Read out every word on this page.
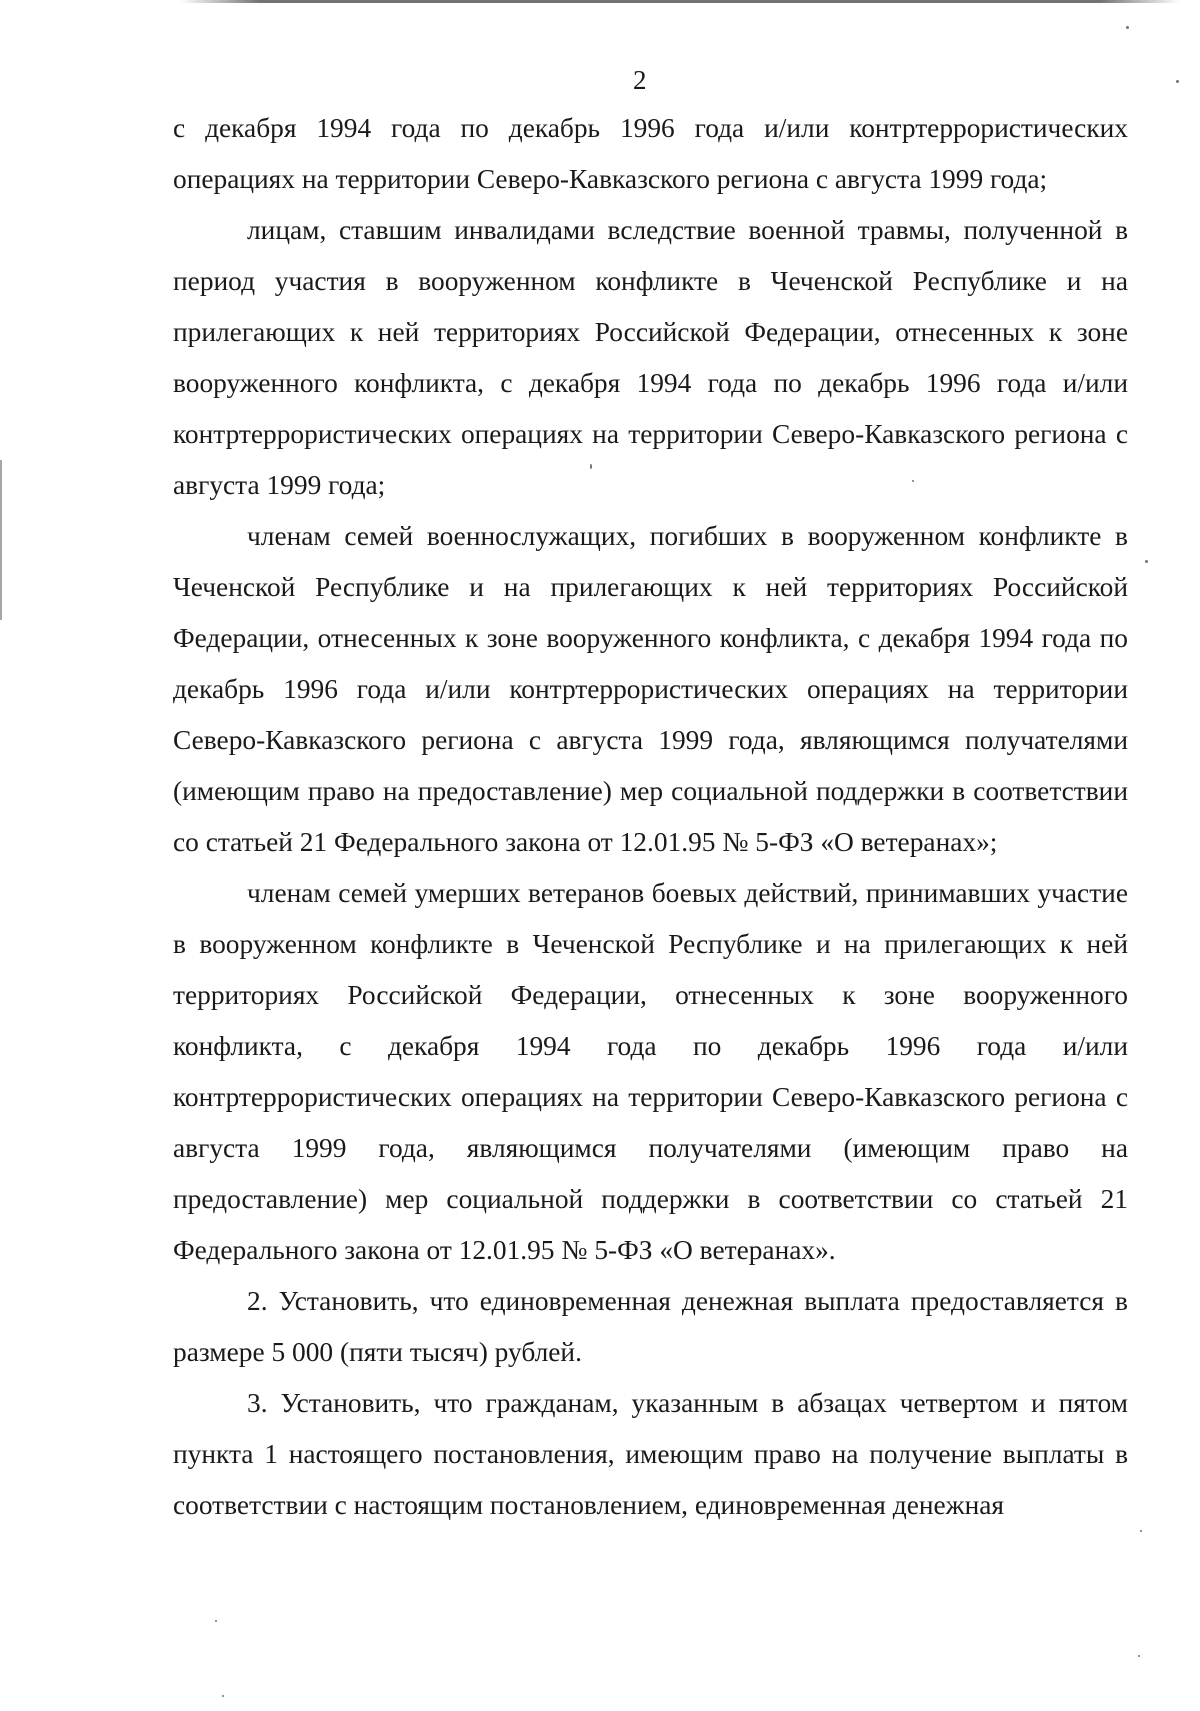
2

с декабря 1994 года по декабрь 1996 года и/или контртеррористических операциях на территории Северо-Кавказского региона с августа 1999 года;

лицам, ставшим инвалидами вследствие военной травмы, полученной в период участия в вооруженном конфликте в Чеченской Республике и на прилегающих к ней территориях Российской Федерации, отнесенных к зоне вооруженного конфликта, с декабря 1994 года по декабрь 1996 года и/или контртеррористических операциях на территории Северо-Кавказского региона с августа 1999 года;

членам семей военнослужащих, погибших в вооруженном конфликте в Чеченской Республике и на прилегающих к ней территориях Российской Федерации, отнесенных к зоне вооруженного конфликта, с декабря 1994 года по декабрь 1996 года и/или контртеррористических операциях на территории Северо-Кавказского региона с августа 1999 года, являющимся получателями (имеющим право на предоставление) мер социальной поддержки в соответствии со статьей 21 Федерального закона от 12.01.95 № 5-ФЗ «О ветеранах»;

членам семей умерших ветеранов боевых действий, принимавших участие в вооруженном конфликте в Чеченской Республике и на прилегающих к ней территориях Российской Федерации, отнесенных к зоне вооруженного конфликта, с декабря 1994 года по декабрь 1996 года и/или контртеррористических операциях на территории Северо-Кавказского региона с августа 1999 года, являющимся получателями (имеющим право на предоставление) мер социальной поддержки в соответствии со статьей 21 Федерального закона от 12.01.95 № 5-ФЗ «О ветеранах».

2. Установить, что единовременная денежная выплата предоставляется в размере 5 000 (пяти тысяч) рублей.

3. Установить, что гражданам, указанным в абзацах четвертом и пятом пункта 1 настоящего постановления, имеющим право на получение выплаты в соответствии с настоящим постановлением, единовременная денежная
